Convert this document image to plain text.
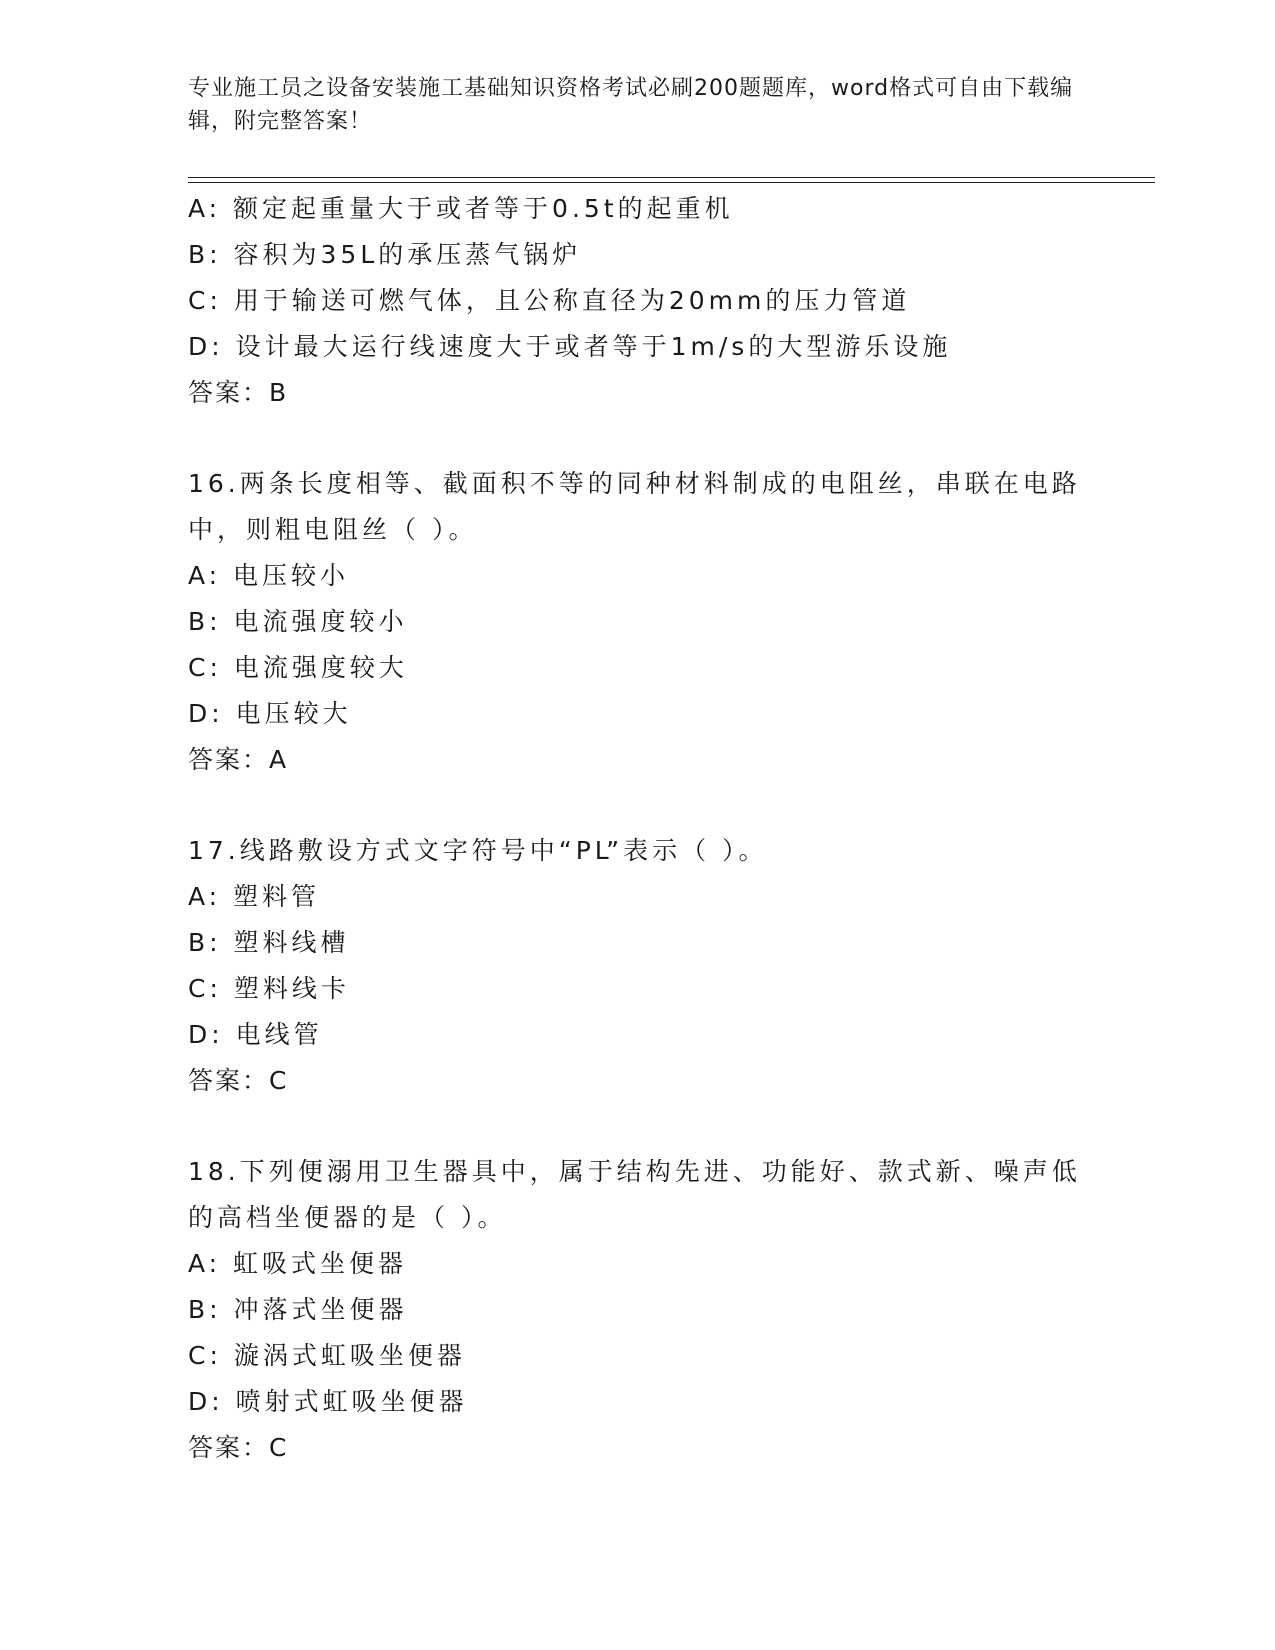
专业施工员之设备安装施工基础知识资格考试必刷200题题库，word格式可自由下载编辑，附完整答案！
A: 额定起重量大于或者等于0.5t的起重机
B: 容积为35L的承压蒸气锅炉
C: 用于输送可燃气体，且公称直径为20mm的压力管道
D: 设计最大运行线速度大于或者等于1m/s的大型游乐设施
答案：B
16.两条长度相等、截面积不等的同种材料制成的电阻丝，串联在电路中，则粗电阻丝（ ）。
A: 电压较小
B: 电流强度较小
C: 电流强度较大
D: 电压较大
答案：A
17.线路敷设方式文字符号中“PL”表示（ ）。
A: 塑料管
B: 塑料线槽
C: 塑料线卡
D: 电线管
答案：C
18.下列便溺用卫生器具中，属于结构先进、功能好、款式新、噪声低的高档坐便器的是（ ）。
A: 虹吸式坐便器
B: 冲落式坐便器
C: 漩涡式虹吸坐便器
D: 喷射式虹吸坐便器
答案：C
